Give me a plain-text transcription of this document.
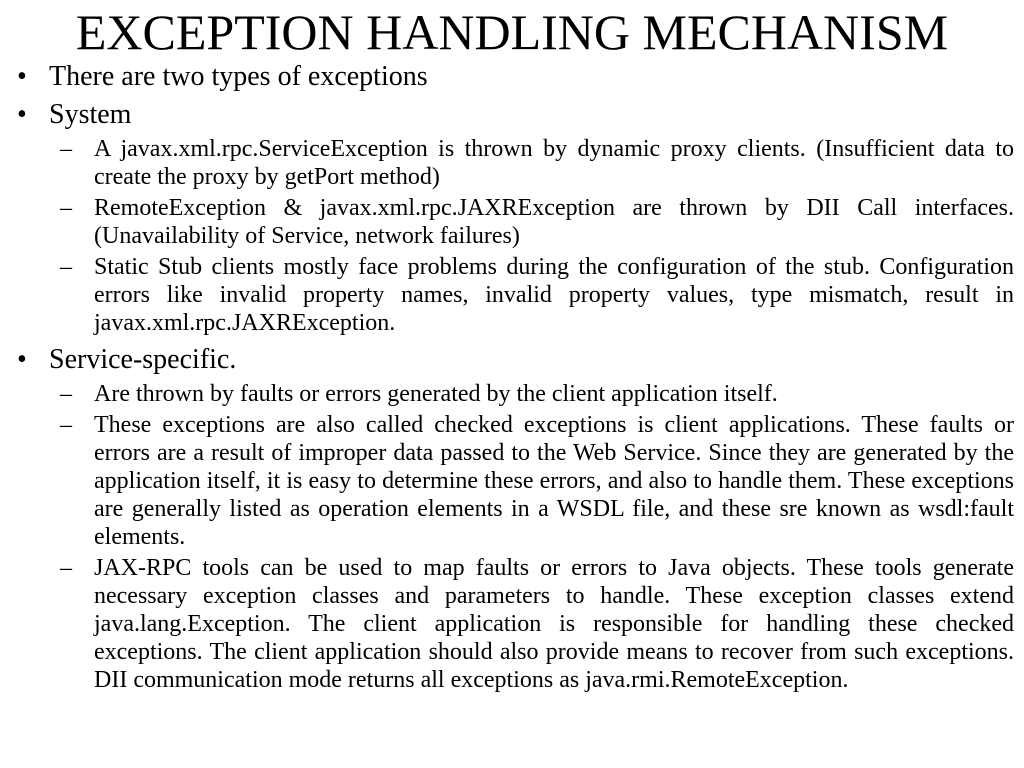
EXCEPTION HANDLING MECHANISM
• There are two types of exceptions
• System
– A javax.xml.rpc.ServiceException is thrown by dynamic proxy clients. (Insufficient data to create the proxy by getPort method)
– RemoteException & javax.xml.rpc.JAXRException are thrown by DII Call interfaces. (Unavailability of Service, network failures)
– Static Stub clients mostly face problems during the configuration of the stub. Configuration errors like invalid property names, invalid property values, type mismatch, result in javax.xml.rpc.JAXRException.
• Service-specific.
– Are thrown by faults or errors generated by the client application itself.
– These exceptions are also called checked exceptions is client applications. These faults or errors are a result of improper data passed to the Web Service. Since they are generated by the application itself, it is easy to determine these errors, and also to handle them. These exceptions are generally listed as operation elements in a WSDL file, and these sre known as wsdl:fault elements.
– JAX-RPC tools can be used to map faults or errors to Java objects. These tools generate necessary exception classes and parameters to handle. These exception classes extend java.lang.Exception. The client application is responsible for handling these checked exceptions. The client application should also provide means to recover from such exceptions. DII communication mode returns all exceptions as java.rmi.RemoteException.
